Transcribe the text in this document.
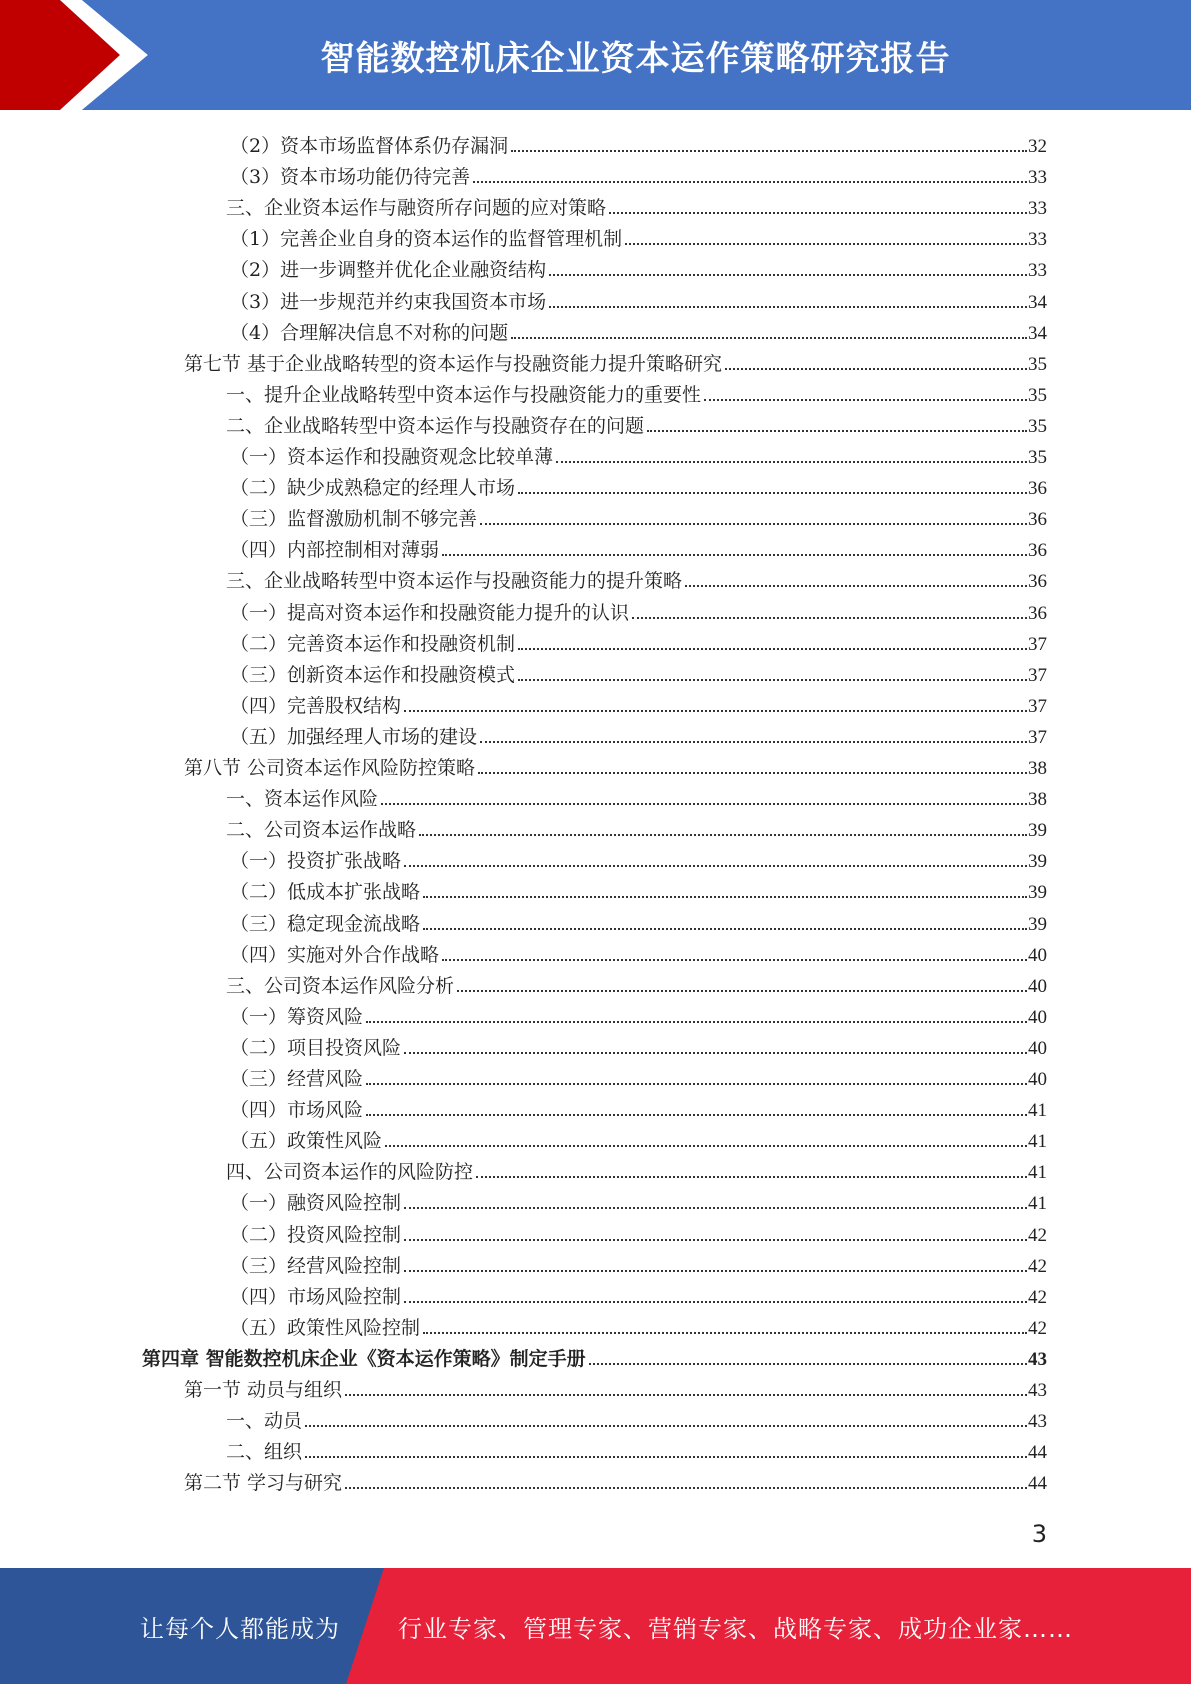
智能数控机床企业资本运作策略研究报告
（2）资本市场监督体系仍存漏洞	32
（3）资本市场功能仍待完善	33
三、企业资本运作与融资所存问题的应对策略	33
（1）完善企业自身的资本运作的监督管理机制	33
（2）进一步调整并优化企业融资结构	33
（3）进一步规范并约束我国资本市场	34
（4）合理解决信息不对称的问题	34
第七节 基于企业战略转型的资本运作与投融资能力提升策略研究	35
一、提升企业战略转型中资本运作与投融资能力的重要性	35
二、企业战略转型中资本运作与投融资存在的问题	35
（一）资本运作和投融资观念比较单薄	35
（二）缺少成熟稳定的经理人市场	36
（三）监督激励机制不够完善	36
（四）内部控制相对薄弱	36
三、企业战略转型中资本运作与投融资能力的提升策略	36
（一）提高对资本运作和投融资能力提升的认识	36
（二）完善资本运作和投融资机制	37
（三）创新资本运作和投融资模式	37
（四）完善股权结构	37
（五）加强经理人市场的建设	37
第八节 公司资本运作风险防控策略	38
一、资本运作风险	38
二、公司资本运作战略	39
（一）投资扩张战略	39
（二）低成本扩张战略	39
（三）稳定现金流战略	39
（四）实施对外合作战略	40
三、公司资本运作风险分析	40
（一）筹资风险	40
（二）项目投资风险	40
（三）经营风险	40
（四）市场风险	41
（五）政策性风险	41
四、公司资本运作的风险防控	41
（一）融资风险控制	41
（二）投资风险控制	42
（三）经营风险控制	42
（四）市场风险控制	42
（五）政策性风险控制	42
第四章 智能数控机床企业《资本运作策略》制定手册	43
第一节 动员与组织	43
一、动员	43
二、组织	44
第二节 学习与研究	44
3
让每个人都能成为 行业专家、管理专家、营销专家、战略专家、成功企业家……
